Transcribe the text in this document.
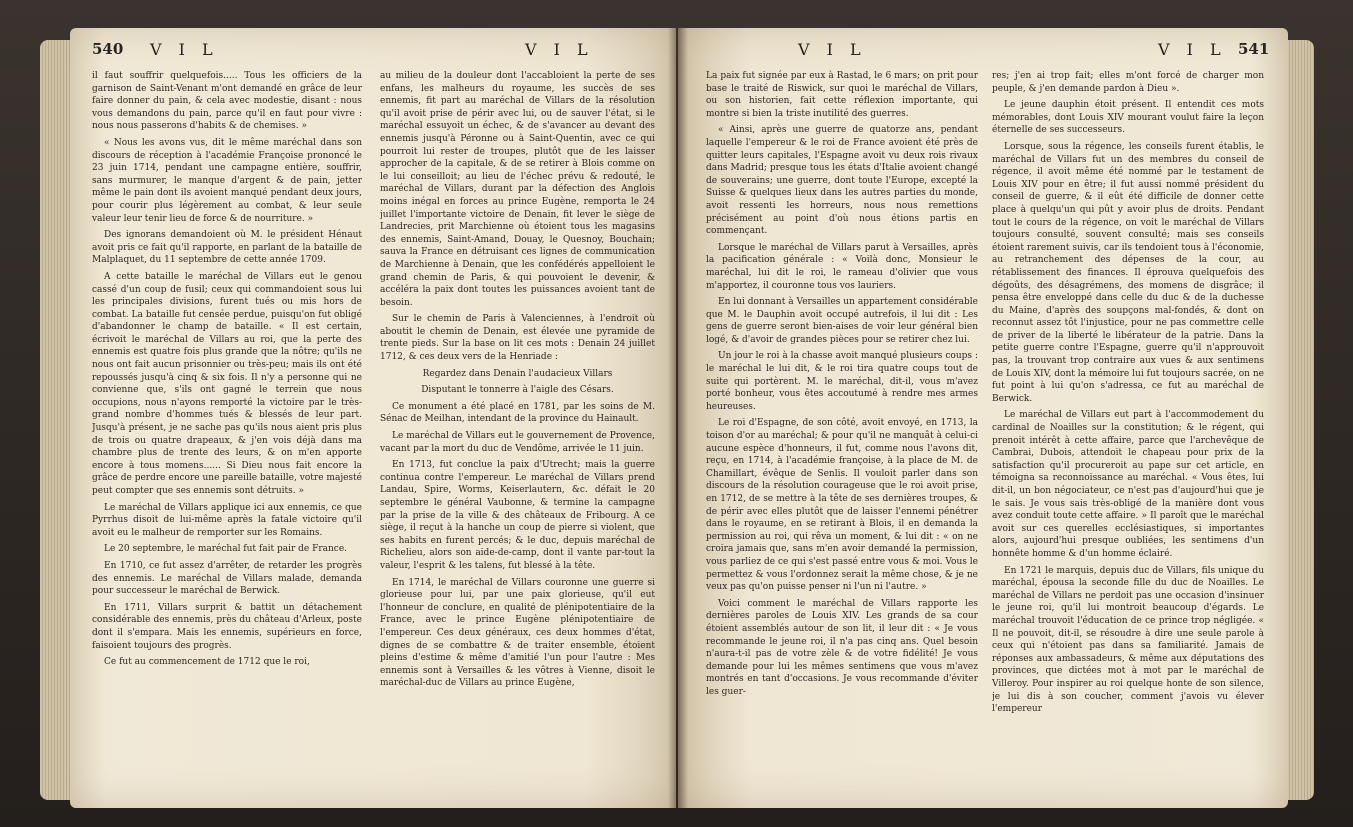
540 V I L	V I L

il faut souffrir quelquefois..... Tous les officiers de la garnison de Saint-Venant m'ont demandé en grâce de leur faire donner du pain, & cela avec modestie, disant : nous vous demandons du pain, parce qu'il en faut pour vivre : nous nous passerons d'habits & de chemises. »

« Nous les avons vus, dit le même maréchal dans son discours de réception à l'académie Françoise prononcé le 23 juin 1714, pendant une campagne entière, souffrir, sans murmurer, le manque d'argent & de pain, jetter même le pain dont ils avoient manqué pendant deux jours, pour courir plus légèrement au combat, & leur seule valeur leur tenir lieu de force & de nourriture. »

Des ignorans demandoient où M. le président Hénaut avoit pris ce fait qu'il rapporte, en parlant de la bataille de Malplaquet, du 11 septembre de cette année 1709.

A cette bataille le maréchal de Villars eut le genou cassé d'un coup de fusil; ceux qui commandoient sous lui les principales divisions, furent tués ou mis hors de combat. La bataille fut censée perdue, puisqu'on fut obligé d'abandonner le champ de bataille. « Il est certain, écrivoit le maréchal de Villars au roi, que la perte des ennemis est quatre fois plus grande que la nôtre; qu'ils ne nous ont fait aucun prisonnier ou très-peu; mais ils ont été repoussés jusqu'à cinq & six fois. Il n'y a personne qui ne convienne que, s'ils ont gagné le terrein que nous occupions, nous n'ayons remporté la victoire par le très-grand nombre d'hommes tués & blessés de leur part. Jusqu'à présent, je ne sache pas qu'ils nous aient pris plus de trois ou quatre drapeaux, & j'en vois déjà dans ma chambre plus de trente des leurs, & on m'en apporte encore à tous momens...... Si Dieu nous fait encore la grâce de perdre encore une pareille bataille, votre majesté peut compter que ses ennemis sont détruits. »

Le maréchal de Villars applique ici aux ennemis, ce que Pyrrhus disoit de lui-même après la fatale victoire qu'il avoit eu le malheur de remporter sur les Romains.

Le 20 septembre, le maréchal fut fait pair de France.

En 1710, ce fut assez d'arrêter, de retarder les progrès des ennemis. Le maréchal de Villars malade, demanda pour successeur le maréchal de Berwick.

En 1711, Villars surprit & battit un détachement considérable des ennemis, près du château d'Arleux, poste dont il s'empara. Mais les ennemis, supérieurs en force, faisoient toujours des progrès.

Ce fut au commencement de 1712 que le roi,

au milieu de la douleur dont l'accabloient la perte de ses enfans, les malheurs du royaume, les succès de ses ennemis, fit part au maréchal de Villars de la résolution qu'il avoit prise de périr avec lui, ou de sauver l'état, si le maréchal essuyoit un échec, & de s'avancer au devant des ennemis jusqu'à Péronne ou à Saint-Quentin, avec ce qui pourroit lui rester de troupes, plutôt que de les laisser approcher de la capitale, & de se retirer à Blois comme on le lui conseilloit; au lieu de l'échec prévu & redouté, le maréchal de Villars, durant par la défection des Anglois moins inégal en forces au prince Eugène, remporta le 24 juillet l'importante victoire de Denain, fit lever le siège de Landrecies, prit Marchienne où étoient tous les magasins des ennemis, Saint-Amand, Douay, le Quesnoy, Bouchain; sauva la France en détruisant ces lignes de communication de Marchienne à Denain, que les confédérés appelloient le grand chemin de Paris, & qui pouvoient le devenir, & accéléra la paix dont toutes les puissances avoient tant de besoin.

Sur le chemin de Paris à Valenciennes, à l'endroit où aboutit le chemin de Denain, est élevée une pyramide de trente pieds. Sur la base on lit ces mots : Denain 24 juillet 1712, & ces deux vers de la Henriade :

Regardez dans Denain l'audacieux Villars

Disputant le tonnerre à l'aigle des Césars.

Ce monument a été placé en 1781, par les soins de M. Sénac de Meilhan, intendant de la province du Hainault.

Le maréchal de Villars eut le gouvernement de Provence, vacant par la mort du duc de Vendôme, arrivée le 11 juin.

En 1713, fut conclue la paix d'Utrecht; mais la guerre continua contre l'empereur. Le maréchal de Villars prend Landau, Spire, Worms, Keiserlautern, &c. défait le 20 septembre le général Vaubonne, & termine la campagne par la prise de la ville & des châteaux de Fribourg. A ce siège, il reçut à la hanche un coup de pierre si violent, que ses habits en furent percés; & le duc, depuis maréchal de Richelieu, alors son aide-de-camp, dont il vante par-tout la valeur, l'esprit & les talens, fut blessé à la tête.

En 1714, le maréchal de Villars couronne une guerre si glorieuse pour lui, par une paix glorieuse, qu'il eut l'honneur de conclure, en qualité de plénipotentiaire de la France, avec le prince Eugène plénipotentiaire de l'empereur. Ces deux généraux, ces deux hommes d'état, dignes de se combattre & de traiter ensemble, étoient pleins d'estime & même d'amitié l'un pour l'autre : Mes ennemis sont à Versailles & les vôtres à Vienne, disoit le maréchal-duc de Villars au prince Eugène,

V I L	V I L 541

La paix fut signée par eux à Rastad, le 6 mars; on prit pour base le traité de Riswick, sur quoi le maréchal de Villars, ou son historien, fait cette réflexion importante, qui montre si bien la triste inutilité des guerres.

« Ainsi, après une guerre de quatorze ans, pendant laquelle l'empereur & le roi de France avoient été près de quitter leurs capitales, l'Espagne avoit vu deux rois rivaux dans Madrid; presque tous les états d'Italie avoient changé de souverains; une guerre, dont toute l'Europe, excepté la Suisse & quelques lieux dans les autres parties du monde, avoit ressenti les horreurs, nous nous remettions précisément au point d'où nous étions partis en commençant.

Lorsque le maréchal de Villars parut à Versailles, après la pacification générale : « Voilà donc, Monsieur le maréchal, lui dit le roi, le rameau d'olivier que vous m'apportez, il couronne tous vos lauriers.

En lui donnant à Versailles un appartement considérable que M. le Dauphin avoit occupé autrefois, il lui dit : Les gens de guerre seront bien-aises de voir leur général bien logé, & d'avoir de grandes pièces pour se retirer chez lui.

Un jour le roi à la chasse avoit manqué plusieurs coups : le maréchal le lui dit, & le roi tira quatre coups tout de suite qui portèrent. M. le maréchal, dit-il, vous m'avez porté bonheur, vous êtes accoutumé à rendre mes armes heureuses.

Le roi d'Espagne, de son côté, avoit envoyé, en 1713, la toison d'or au maréchal; & pour qu'il ne manquât à celui-ci aucune espèce d'honneurs, il fut, comme nous l'avons dit, reçu, en 1714, à l'académie françoise, à la place de M. de Chamillart, évêque de Senlis. Il vouloit parler dans son discours de la résolution courageuse que le roi avoit prise, en 1712, de se mettre à la tête de ses dernières troupes, & de périr avec elles plutôt que de laisser l'ennemi pénétrer dans le royaume, en se retirant à Blois, il en demanda la permission au roi, qui rêva un moment, & lui dit : « on ne croira jamais que, sans m'en avoir demandé la permission, vous parliez de ce qui s'est passé entre vous & moi. Vous le permettez & vous l'ordonnez serait la même chose, & je ne veux pas qu'on puisse penser ni l'un ni l'autre. »

Voici comment le maréchal de Villars rapporte les dernières paroles de Louis XIV. Les grands de sa cour étoient assemblés autour de son lit, il leur dit : « Je vous recommande le jeune roi, il n'a pas cinq ans. Quel besoin n'aura-t-il pas de votre zèle & de votre fidélité! Je vous demande pour lui les mêmes sentimens que vous m'avez montrés en tant d'occasions. Je vous recommande d'éviter les guer-

res; j'en ai trop fait; elles m'ont forcé de charger mon peuple, & j'en demande pardon à Dieu ».

Le jeune dauphin étoit présent. Il entendit ces mots mémorables, dont Louis XIV mourant voulut faire la leçon éternelle de ses successeurs.

Lorsque, sous la régence, les conseils furent établis, le maréchal de Villars fut un des membres du conseil de régence, il avoit même été nommé par le testament de Louis XIV pour en être; il fut aussi nommé président du conseil de guerre, & il eût été difficile de donner cette place à quelqu'un qui pût y avoir plus de droits. Pendant tout le cours de la régence, on voit le maréchal de Villars toujours consulté, souvent consulté; mais ses conseils étoient rarement suivis, car ils tendoient tous à l'économie, au retranchement des dépenses de la cour, au rétablissement des finances. Il éprouva quelquefois des dégoûts, des désagrémens, des momens de disgrâce; il pensa être enveloppé dans celle du duc & de la duchesse du Maine, d'après des soupçons mal-fondés, & dont on reconnut assez tôt l'injustice, pour ne pas commettre celle de priver de la liberté le libérateur de la patrie. Dans la petite guerre contre l'Espagne, guerre qu'il n'approuvoit pas, la trouvant trop contraire aux vues & aux sentimens de Louis XIV, dont la mémoire lui fut toujours sacrée, on ne fut point à lui qu'on s'adressa, ce fut au maréchal de Berwick.

Le maréchal de Villars eut part à l'accommodement du cardinal de Noailles sur la constitution; & le régent, qui prenoit intérêt à cette affaire, parce que l'archevêque de Cambrai, Dubois, attendoit le chapeau pour prix de la satisfaction qu'il procureroit au pape sur cet article, en témoigna sa reconnoissance au maréchal. « Vous êtes, lui dit-il, un bon négociateur, ce n'est pas d'aujourd'hui que je le sais. Je vous sais très-obligé de la manière dont vous avez conduit toute cette affaire. » Il paroît que le maréchal avoit sur ces querelles ecclésiastiques, si importantes alors, aujourd'hui presque oubliées, les sentimens d'un honnête homme & d'un homme éclairé.

En 1721 le marquis, depuis duc de Villars, fils unique du maréchal, épousa la seconde fille du duc de Noailles. Le maréchal de Villars ne perdoit pas une occasion d'insinuer le jeune roi, qu'il lui montroit beaucoup d'égards. Le maréchal trouvoit l'éducation de ce prince trop négligée. « Il ne pouvoit, dit-il, se résoudre à dire une seule parole à ceux qui n'étoient pas dans sa familiarité. Jamais de réponses aux ambassadeurs, & même aux députations des provinces, que dictées mot à mot par le maréchal de Villeroy. Pour inspirer au roi quelque honte de son silence, je lui dis à son coucher, comment j'avois vu élever l'empereur
